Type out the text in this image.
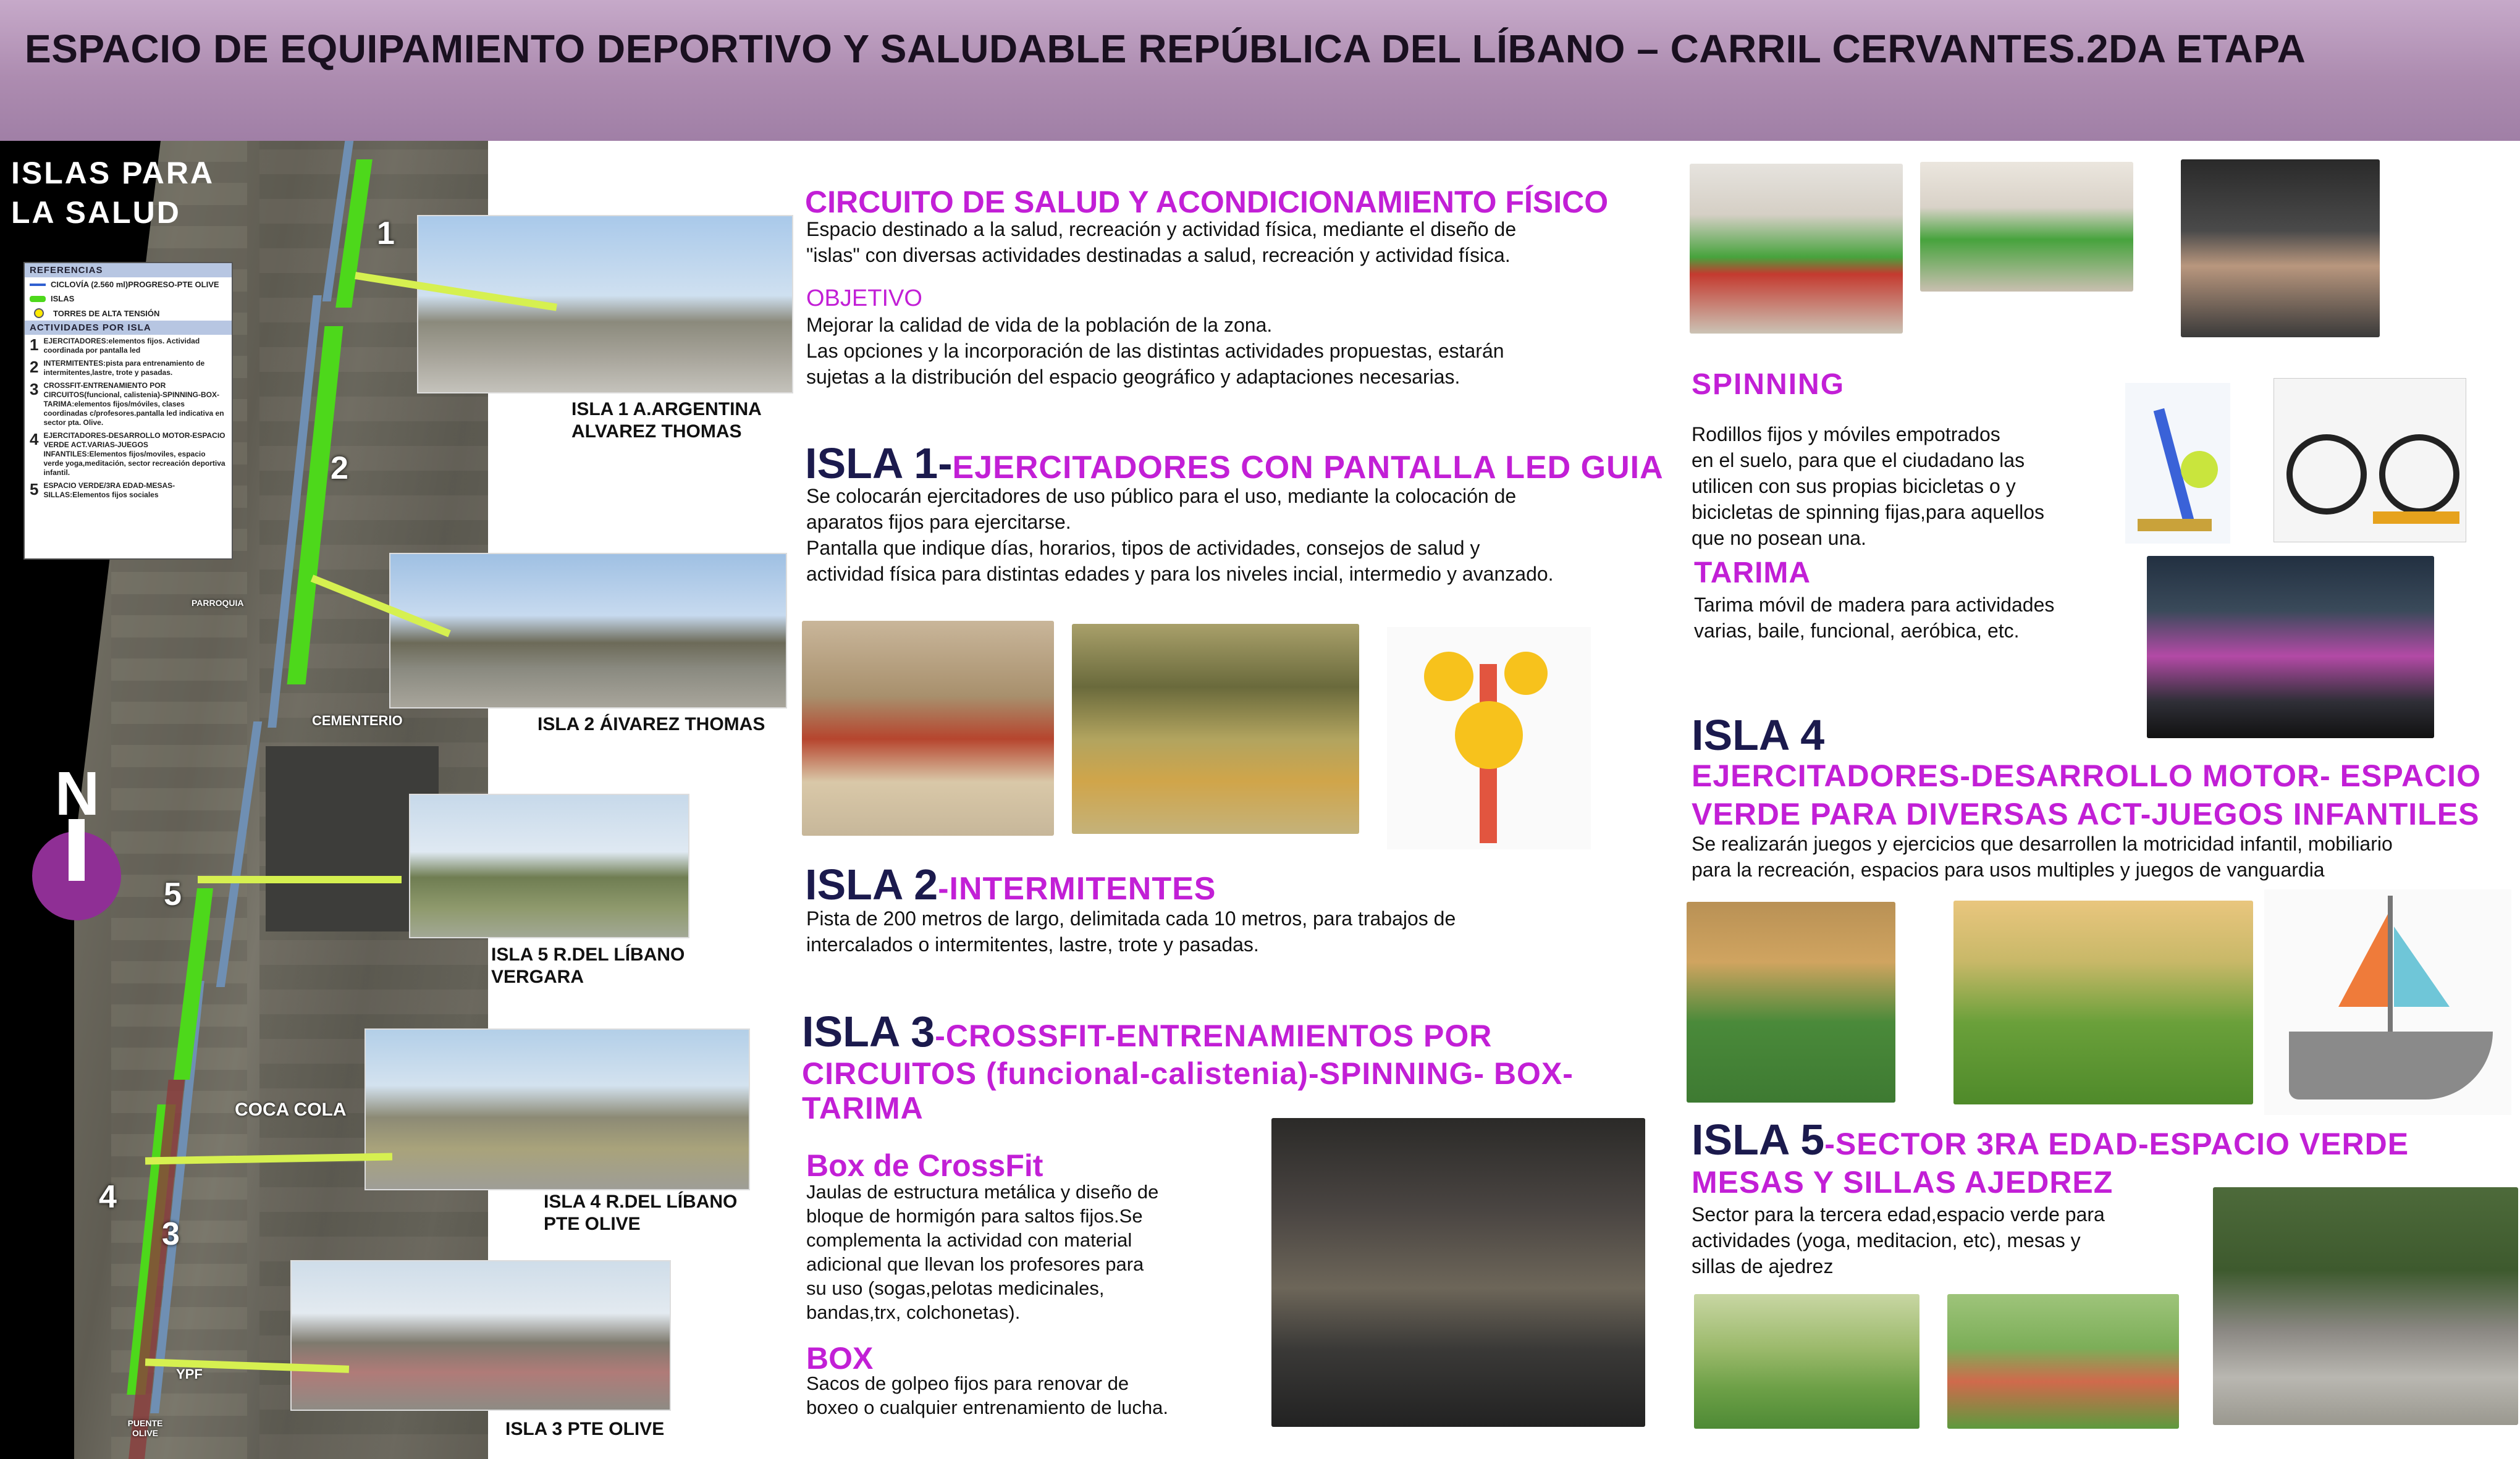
ESPACIO DE EQUIPAMIENTO DEPORTIVO Y SALUDABLE REPÚBLICA DEL LÍBANO – CARRIL CERVANTES.2DA ETAPA
1
2
5
4
3
CEMENTERIO
COCA COLA
YPF
PUENTE OLIVE
PARROQUIA
ISLAS PARA
LA SALUD
REFERENCIAS
CICLOVÍA (2.560 ml)PROGRESO-PTE OLIVE
ISLAS
TORRES DE ALTA TENSIÓN
ACTIVIDADES POR ISLA
1 EJERCITADORES:elementos fijos. Actividad coordinada por pantalla led
2 INTERMITENTES:pista para entrenamiento de intermitentes,lastre, trote y pasadas.
3 CROSSFIT-ENTRENAMIENTO POR CIRCUITOS(funcional, calistenia)-SPINNING-BOX-TARIMA:elementos fijos/móviles, clases coordinadas c/profesores.pantalla led indicativa en sector pta. Olive.
4 EJERCITADORES-DESARROLLO MOTOR-ESPACIO VERDE ACT.VARIAS-JUEGOS INFANTILES:Elementos fijos/moviles, espacio verde yoga,meditación, sector recreación deportiva infantil.
5 ESPACIO VERDE/3RA EDAD-MESAS-SILLAS:Elementos fijos sociales
N
ISLA 1 A.ARGENTINA
ALVAREZ THOMAS
ISLA 2 ÁIVAREZ THOMAS
ISLA 5 R.DEL LÍBANO
VERGARA
ISLA 4 R.DEL LÍBANO
PTE OLIVE
ISLA 3 PTE OLIVE
CIRCUITO DE SALUD Y ACONDICIONAMIENTO FÍSICO
Espacio destinado a la salud, recreación y actividad física, mediante el diseño de
"islas" con diversas actividades destinadas a salud, recreación y actividad física.
OBJETIVO
Mejorar la calidad de vida de la población de la zona.
Las opciones y la incorporación de las distintas actividades propuestas, estarán
sujetas a la distribución del espacio geográfico y adaptaciones necesarias.
ISLA 1-EJERCITADORES CON PANTALLA LED GUIA
Se colocarán ejercitadores de uso público para el uso, mediante la colocación de
aparatos fijos para ejercitarse.
Pantalla que indique días, horarios, tipos de actividades, consejos de salud y
actividad física para distintas edades y para los niveles incial, intermedio y avanzado.
ISLA 2-INTERMITENTES
Pista de 200 metros de largo, delimitada cada 10 metros, para trabajos de
intercalados o intermitentes, lastre, trote y pasadas.
ISLA 3-CROSSFIT-ENTRENAMIENTOS POR
CIRCUITOS (funcional-calistenia)-SPINNING- BOX-
TARIMA
Box de CrossFit
Jaulas de estructura metálica y diseño de
bloque de hormigón para saltos fijos.Se
complementa la actividad con material
adicional que llevan los profesores para
su uso (sogas,pelotas medicinales,
bandas,trx, colchonetas).
BOX
Sacos de golpeo fijos para renovar de
boxeo o cualquier entrenamiento de lucha.
SPINNING
Rodillos fijos y móviles empotrados
en el suelo, para que el ciudadano las
utilicen con sus propias bicicletas o y
bicicletas de spinning fijas,para aquellos
que no posean una.
TARIMA
Tarima móvil de madera para actividades
varias, baile, funcional, aeróbica, etc.
ISLA 4
EJERCITADORES-DESARROLLO MOTOR- ESPACIO
VERDE PARA DIVERSAS ACT-JUEGOS INFANTILES
Se realizarán juegos y ejercicios que desarrollen la motricidad infantil, mobiliario
para la recreación, espacios para usos multiples y juegos de vanguardia
ISLA 5-SECTOR 3RA EDAD-ESPACIO VERDE
MESAS Y SILLAS AJEDREZ
Sector para la tercera edad,espacio verde para
actividades (yoga, meditacion, etc), mesas y
sillas de ajedrez
